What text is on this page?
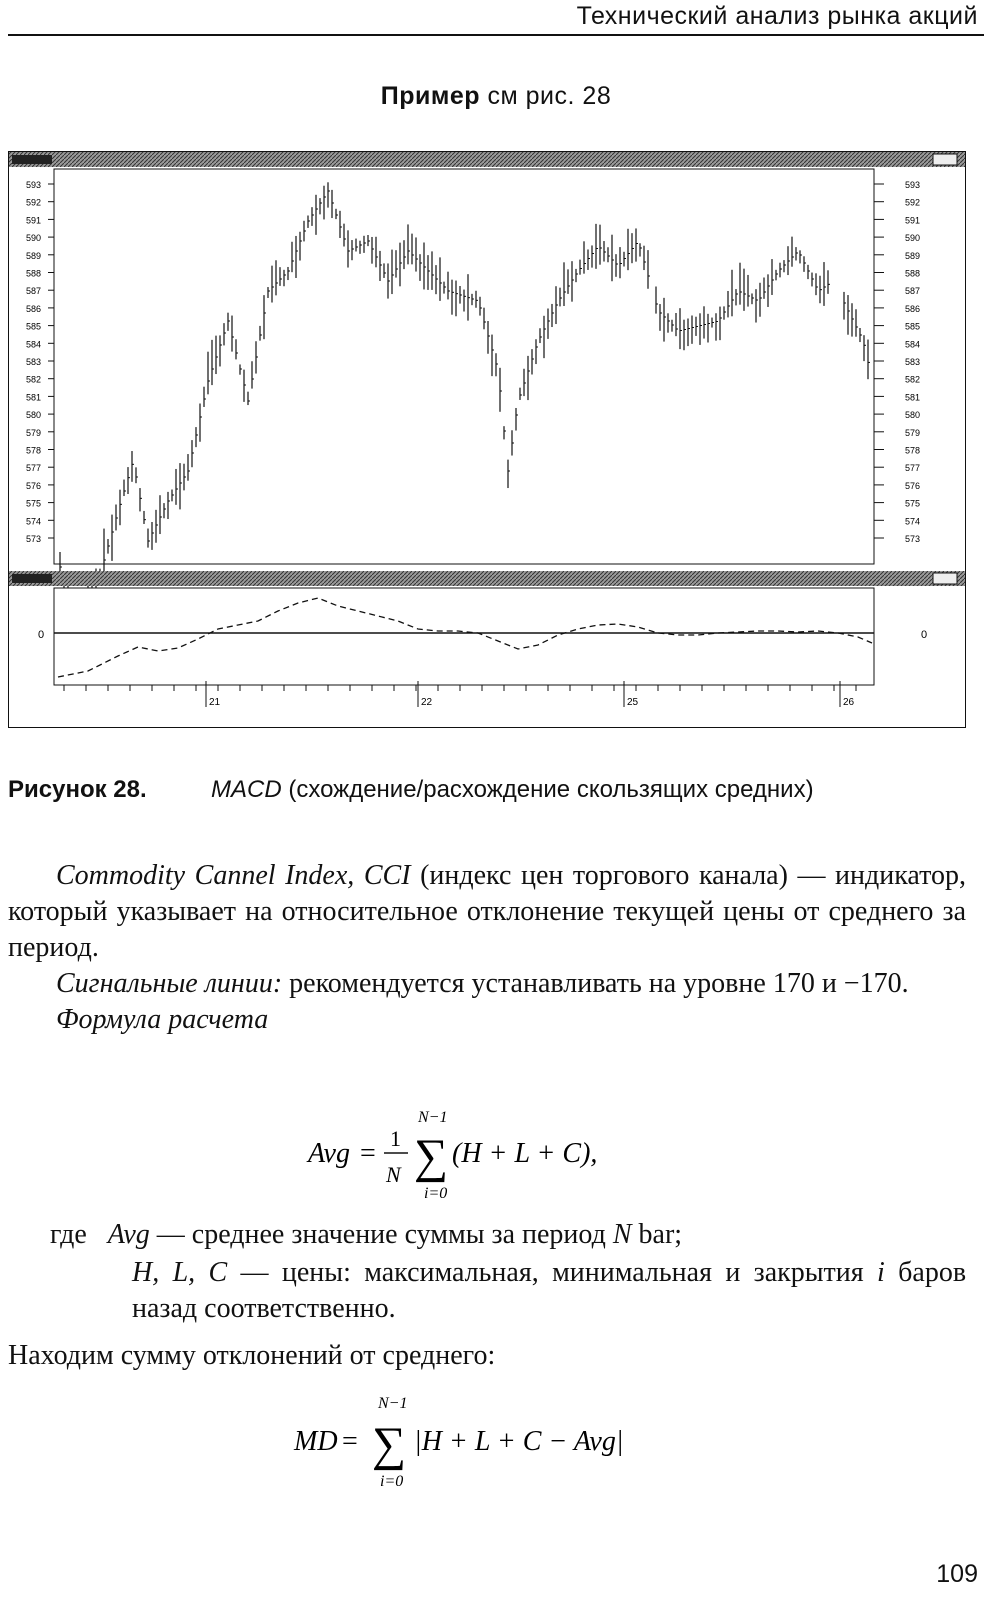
Технический анализ рынка акций
Пример см рис. 28
593
592
591
590
589
588
587
586
585
584
583
582
581
580
579
578
577
576
575
574
573
593
592
591
590
589
588
587
586
585
584
583
582
581
580
579
578
577
576
575
574
573
0	0
21	22	25	26
Рисунок 28.	MACD (схождение/расхождение скользящих средних)

Commodity Cannel Index, CCI (индекс цен торгового канала) — индикатор, который указывает на относительное отклонение текущей цены от среднего за период.

Сигнальные линии: рекомендуется устанавливать на уровне 170 и −170.

Формула расчета

Avg = 1
N
N−1
∑
i=0
(H + L + C),
где Avg — среднее значение суммы за период N bar;
H, L, C — цены: максимальная, минимальная и закрытия i баров назад соответственно.

Находим сумму отклонений от среднего:

MD =
N−1
∑
i=0
|H + L + C − Avg|
109
